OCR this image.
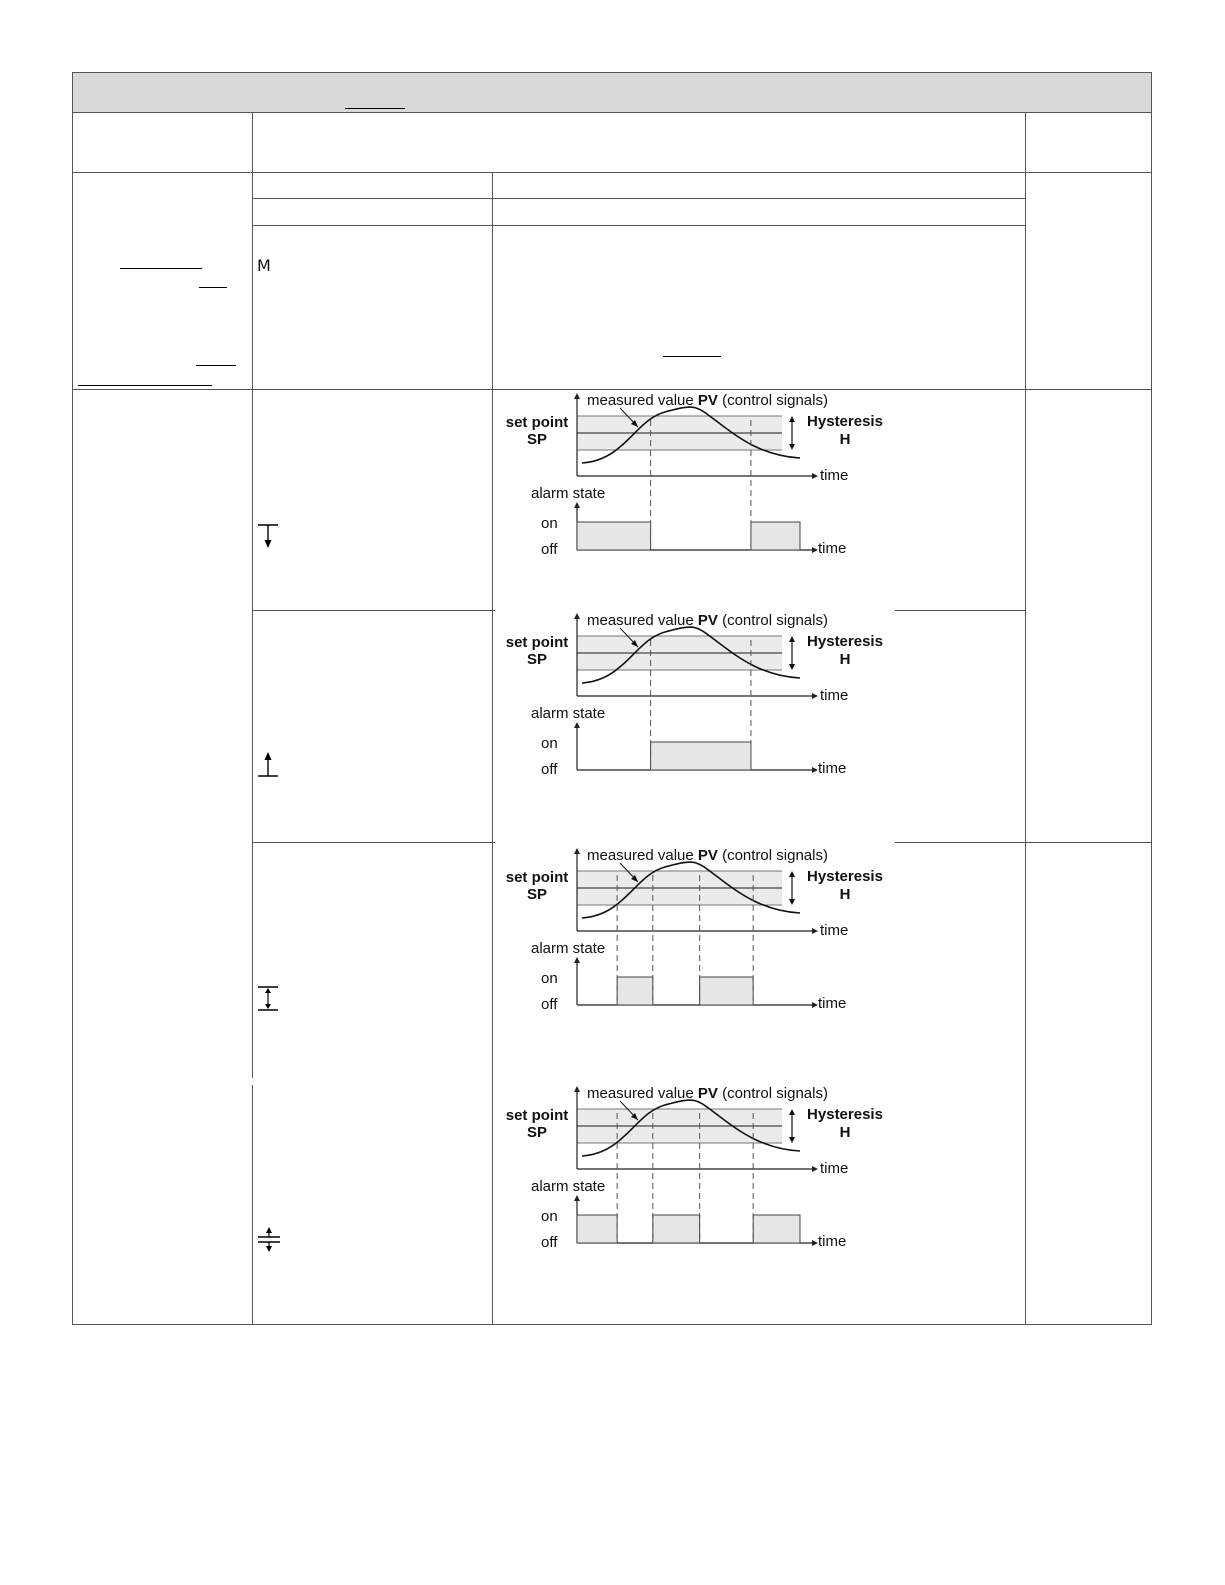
M
measured value PV (control signals)
set point
SP
Hysteresis
H
time
alarm state
on
off	time
measured value PV (control signals)
set point
SP
Hysteresis
H
time
alarm state
on
off	time
measured value PV (control signals)
set point
SP
Hysteresis
H
time
alarm state
on
off	time
measured value PV (control signals)
set point
SP
Hysteresis
H
time
alarm state
on
off	time
